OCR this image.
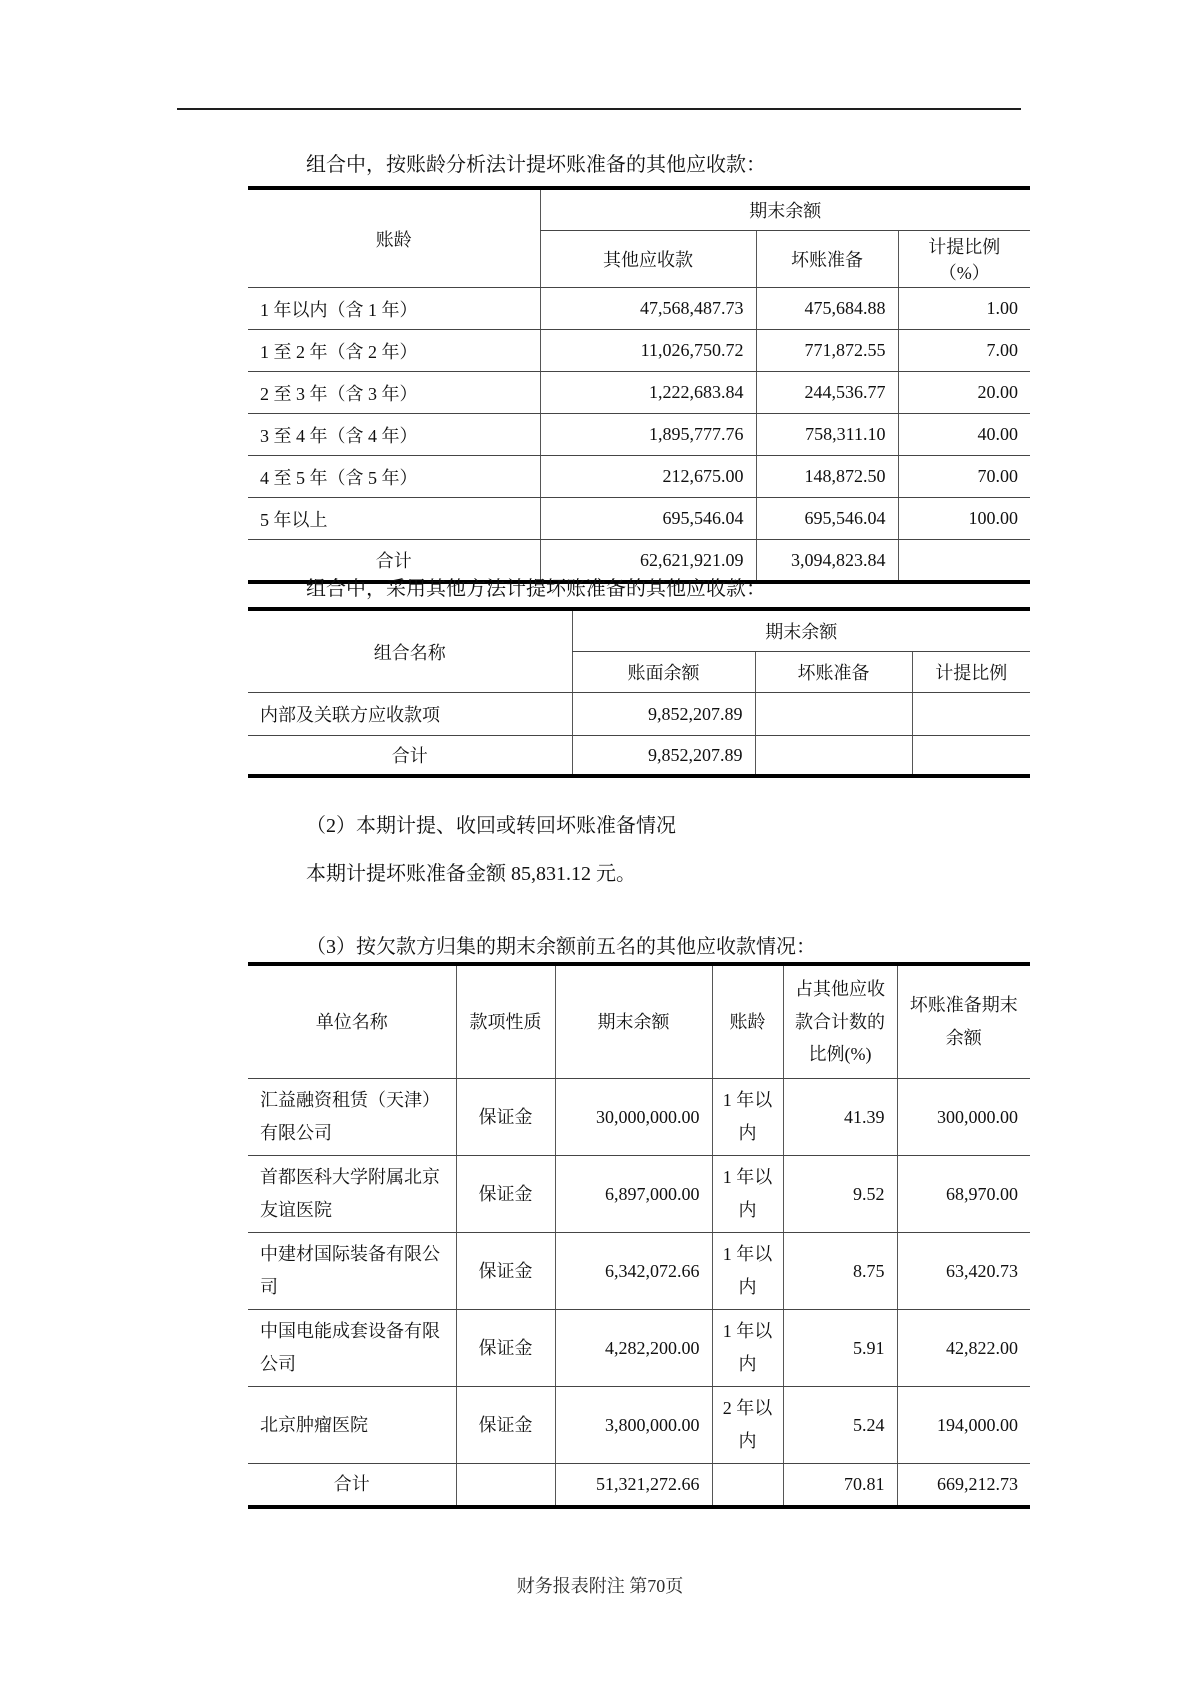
组合中，按账龄分析法计提坏账准备的其他应收款：
账龄	期末余额		
	其他应收款	坏账准备	计提比例（%）
1 年以内（含 1 年）	47,568,487.73	475,684.88	1.00
1 至 2 年（含 2 年）	11,026,750.72	771,872.55	7.00
2 至 3 年（含 3 年）	1,222,683.84	244,536.77	20.00
3 至 4 年（含 4 年）	1,895,777.76	758,311.10	40.00
4 至 5 年（含 5 年）	212,675.00	148,872.50	70.00
5 年以上	695,546.04	695,546.04	100.00
合计	62,621,921.09	3,094,823.84	
组合中，采用其他方法计提坏账准备的其他应收款：
组合名称	期末余额		
	账面余额	坏账准备	计提比例
内部及关联方应收款项	9,852,207.89		
合计	9,852,207.89		
（2）本期计提、收回或转回坏账准备情况
本期计提坏账准备金额 85,831.12 元。
（3）按欠款方归集的期末余额前五名的其他应收款情况：
单位名称	款项性质	期末余额	账龄	占其他应收款合计数的比例(%)	坏账准备期末余额
汇益融资租赁（天津）有限公司	保证金	30,000,000.00	1 年以内	41.39	300,000.00
首都医科大学附属北京友谊医院	保证金	6,897,000.00	1 年以内	9.52	68,970.00
中建材国际装备有限公司	保证金	6,342,072.66	1 年以内	8.75	63,420.73
中国电能成套设备有限公司	保证金	4,282,200.00	1 年以内	5.91	42,822.00
北京肿瘤医院	保证金	3,800,000.00	2 年以内	5.24	194,000.00
合计		51,321,272.66		70.81	669,212.73
财务报表附注 第70页
